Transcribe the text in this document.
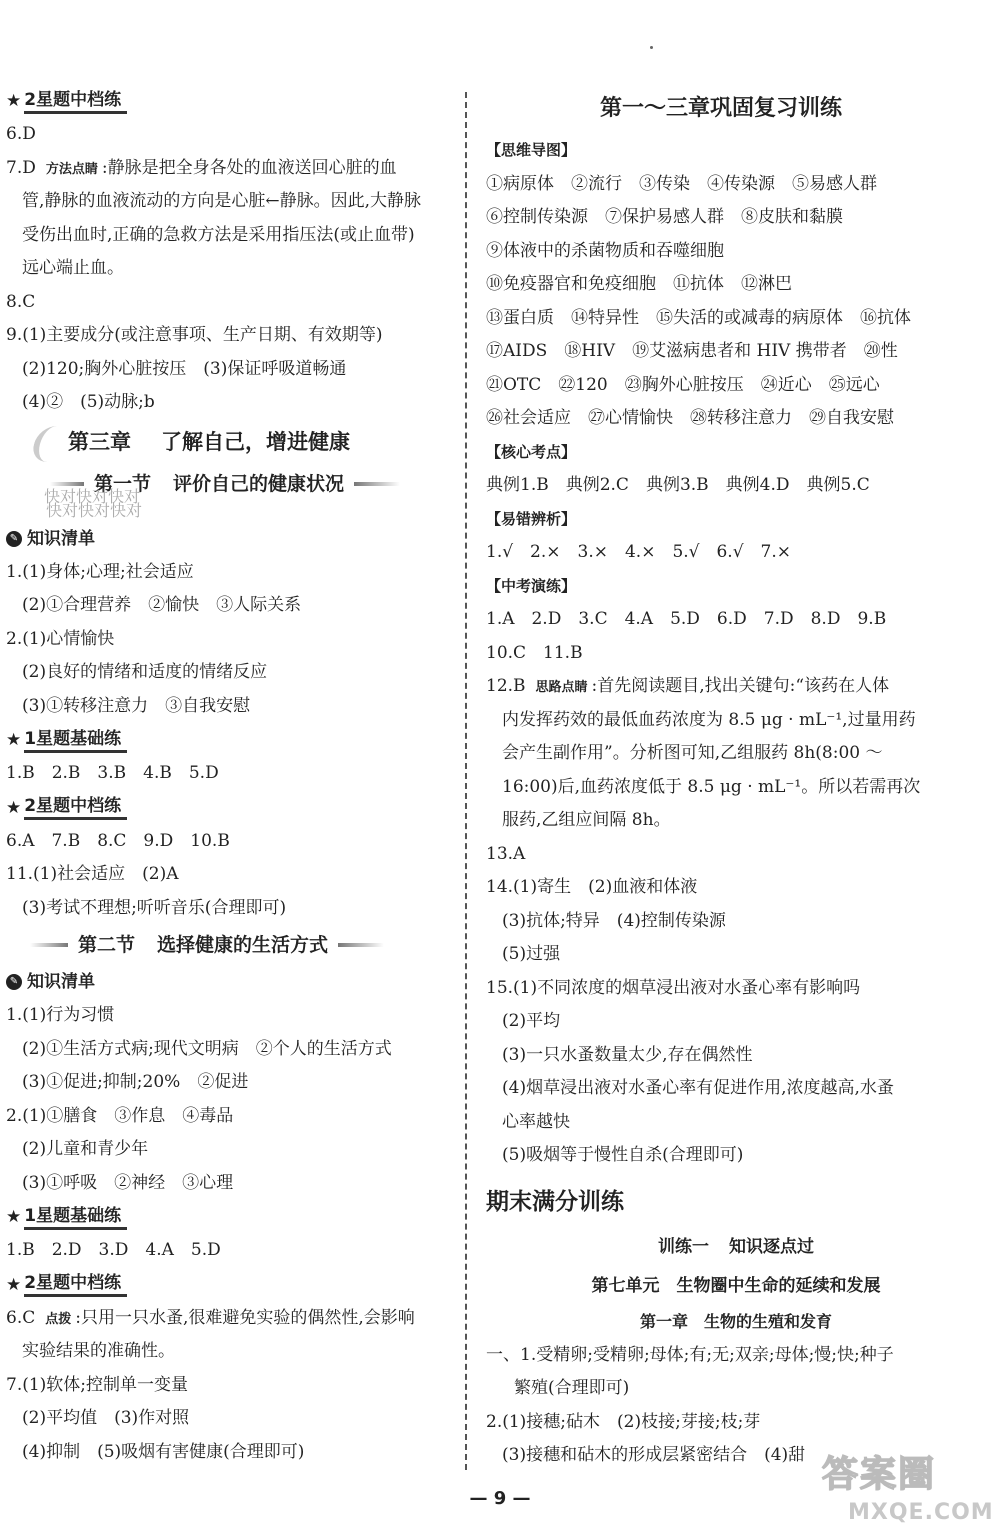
★ 2星题中档练
6.D
7.D 方法点睛 :静脉是把全身各处的血液送回心脏的血
管,静脉的血液流动的方向是心脏←静脉。因此,大静脉
受伤出血时,正确的急救方法是采用指压法(或止血带)
远心端止血。
8.C
9.(1)主要成分(或注意事项、生产日期、有效期等)
(2)120;胸外心脏按压　(3)保证呼吸道畅通
(4)②　(5)动脉;b
第三章 了解自己，增进健康
第一节 评价自己的健康状况
快对快对快对
✎ 知识清单
1.(1)身体;心理;社会适应
(2)①合理营养　②愉快　③人际关系
2.(1)心情愉快
(2)良好的情绪和适度的情绪反应
(3)①转移注意力　③自我安慰
★ 1星题基础练
1.B　2.B　3.B　4.B　5.D
★ 2星题中档练
6.A　7.B　8.C　9.D　10.B
11.(1)社会适应　(2)A
(3)考试不理想;听听音乐(合理即可)
第二节 选择健康的生活方式
✎ 知识清单
1.(1)行为习惯
(2)①生活方式病;现代文明病　②个人的生活方式
(3)①促进;抑制;20%　②促进
2.(1)①膳食　③作息　④毒品
(2)儿童和青少年
(3)①呼吸　②神经　③心理
★ 1星题基础练
1.B　2.D　3.D　4.A　5.D
★ 2星题中档练
6.C 点拨 :只用一只水蚤,很难避免实验的偶然性,会影响
实验结果的准确性。
7.(1)软体;控制单一变量
(2)平均值　(3)作对照
(4)抑制　(5)吸烟有害健康(合理即可)
快对快对快对
第一～三章巩固复习训练
【思维导图】
①病原体　②流行　③传染　④传染源　⑤易感人群
⑥控制传染源　⑦保护易感人群　⑧皮肤和黏膜
⑨体液中的杀菌物质和吞噬细胞
⑩免疫器官和免疫细胞　⑪抗体　⑫淋巴
⑬蛋白质　⑭特异性　⑮失活的或减毒的病原体　⑯抗体
⑰AIDS　⑱HIV　⑲艾滋病患者和 HIV 携带者　⑳性
㉑OTC　㉒120　㉓胸外心脏按压　㉔近心　㉕远心
㉖社会适应　㉗心情愉快　㉘转移注意力　㉙自我安慰
【核心考点】
典例1.B　典例2.C　典例3.B　典例4.D　典例5.C
【易错辨析】
1.√　2.×　3.×　4.×　5.√　6.√　7.×
【中考演练】
1.A　2.D　3.C　4.A　5.D　6.D　7.D　8.D　9.B
10.C　11.B
12.B 思路点睛 :首先阅读题目,找出关键句:“该药在人体
内发挥药效的最低血药浓度为 8.5 μg · mL⁻¹,过量用药
会产生副作用”。分析图可知,乙组服药 8h(8:00 ～
16:00)后,血药浓度低于 8.5 μg · mL⁻¹。所以若需再次
服药,乙组应间隔 8h。
13.A
14.(1)寄生　(2)血液和体液
(3)抗体;特异　(4)控制传染源
(5)过强
15.(1)不同浓度的烟草浸出液对水蚤心率有影响吗
(2)平均
(3)一只水蚤数量太少,存在偶然性
(4)烟草浸出液对水蚤心率有促进作用,浓度越高,水蚤
心率越快
(5)吸烟等于慢性自杀(合理即可)
期末满分训练
训练一 知识逐点过
第七单元　生物圈中生命的延续和发展
第一章　生物的生殖和发育
一、1.受精卵;受精卵;母体;有;无;双亲;母体;慢;快;种子
繁殖(合理即可)
2.(1)接穗;砧木　(2)枝接;芽接;枝;芽
(3)接穗和砧木的形成层紧密结合　(4)甜
— 9 —
答案圈
MXQE.COM
